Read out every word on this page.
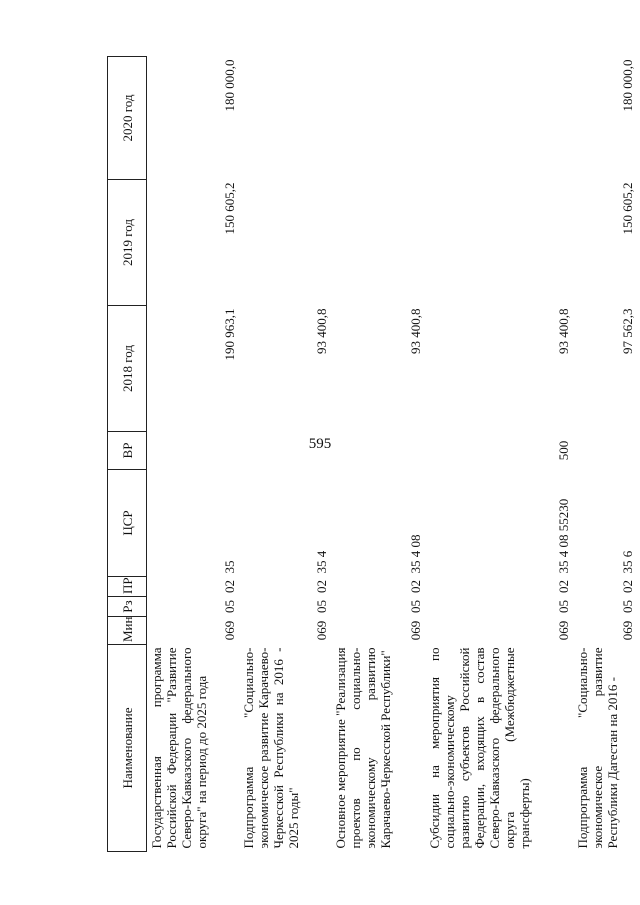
595
Наименование	Мин	Рз	ПР	ЦСР	ВР	2018 год	2019 год	2020 год
Государственная программа Российской Федерации "Развитие Северо-Кавказского федерального округа" на период до 2025 года	069	05	02	35		190 963,1	150 605,2	180 000,0
Подпрограмма "Социально-экономическое развитие Карачаево-Черкесской Республики на 2016 - 2025 годы"	069	05	02	35 4		93 400,8		
Основное мероприятие "Реализация проектов по социально-экономическому развитию Карачаево-Черкесской Республики"	069	05	02	35 4 08		93 400,8		
Субсидии на мероприятия по социально-экономическому развитию субъектов Российской Федерации, входящих в состав Северо-Кавказского федерального округа (Межбюджетные трансферты)	069	05	02	35 4 08 55230	500	93 400,8		
Подпрограмма "Социально-экономическое развитие Республики Дагестан на 2016 -	069	05	02	35 6		97 562,3	150 605,2	180 000,0
